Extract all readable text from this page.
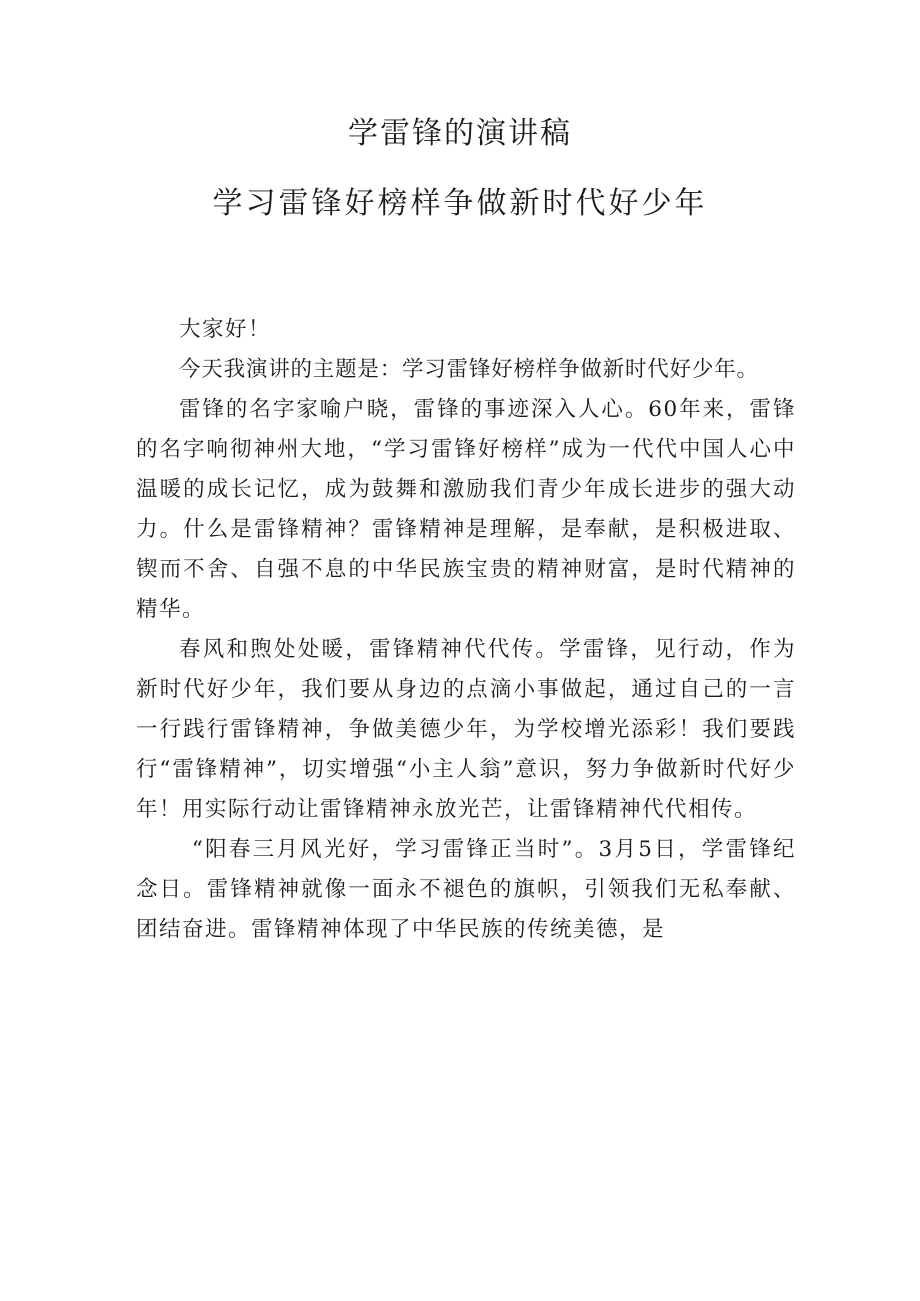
学雷锋的演讲稿
学习雷锋好榜样争做新时代好少年

大家好！

今天我演讲的主题是：学习雷锋好榜样争做新时代好少年。

雷锋的名字家喻户晓，雷锋的事迹深入人心。60年来，雷锋的名字响彻神州大地，“学习雷锋好榜样”成为一代代中国人心中温暖的成长记忆，成为鼓舞和激励我们青少年成长进步的强大动力。什么是雷锋精神？雷锋精神是理解，是奉献，是积极进取、锲而不舍、自强不息的中华民族宝贵的精神财富，是时代精神的精华。

春风和煦处处暖，雷锋精神代代传。学雷锋，见行动，作为新时代好少年，我们要从身边的点滴小事做起，通过自己的一言一行践行雷锋精神，争做美德少年，为学校增光添彩！我们要践行“雷锋精神”，切实增强“小主人翁”意识，努力争做新时代好少年！用实际行动让雷锋精神永放光芒，让雷锋精神代代相传。

“阳春三月风光好，学习雷锋正当时”。3月5日，学雷锋纪念日。雷锋精神就像一面永不褪色的旗帜，引领我们无私奉献、团结奋进。雷锋精神体现了中华民族的传统美德，是
